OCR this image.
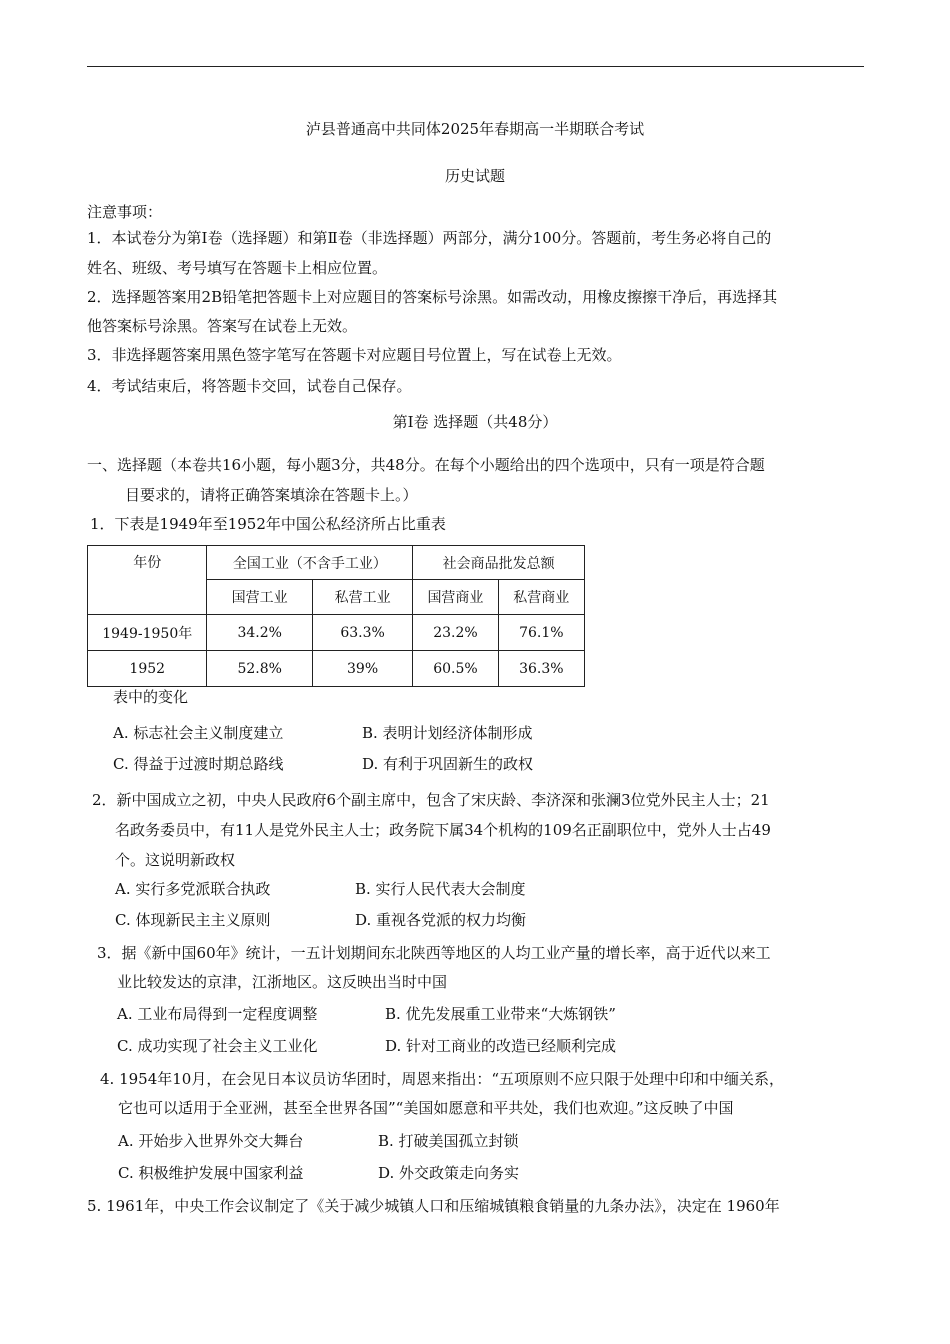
泸县普通高中共同体2025年春期高一半期联合考试
历史试题
注意事项：
1．本试卷分为第Ⅰ卷（选择题）和第Ⅱ卷（非选择题）两部分，满分100分。答题前，考生务必将自己的
姓名、班级、考号填写在答题卡上相应位置。
2．选择题答案用2B铅笔把答题卡上对应题目的答案标号涂黑。如需改动，用橡皮擦擦干净后，再选择其
他答案标号涂黑。答案写在试卷上无效。
3．非选择题答案用黑色签字笔写在答题卡对应题目号位置上，写在试卷上无效。
4．考试结束后，将答题卡交回，试卷自己保存。
第Ⅰ卷 选择题（共48分）
一、选择题（本卷共16小题，每小题3分，共48分。在每个小题给出的四个选项中，只有一项是符合题
目要求的，请将正确答案填涂在答题卡上。）
1．下表是1949年至1952年中国公私经济所占比重表
年份	全国工业（不含手工业）		社会商品批发总额	
	国营工业	私营工业	国营商业	私营商业
1949-1950年	34.2%	63.3%	23.2%	76.1%
1952	52.8%	39%	60.5%	36.3%
表中的变化
A. 标志社会主义制度建立	B. 表明计划经济体制形成
C. 得益于过渡时期总路线	D. 有利于巩固新生的政权
2．新中国成立之初，中央人民政府6个副主席中，包含了宋庆龄、李济深和张澜3位党外民主人士；21
名政务委员中，有11人是党外民主人士；政务院下属34个机构的109名正副职位中，党外人士占49
个。这说明新政权
A. 实行多党派联合执政	B. 实行人民代表大会制度
C. 体现新民主主义原则	D. 重视各党派的权力均衡
3．据《新中国60年》统计，一五计划期间东北陕西等地区的人均工业产量的增长率，高于近代以来工
业比较发达的京津，江浙地区。这反映出当时中国
A. 工业布局得到一定程度调整	B. 优先发展重工业带来“大炼钢铁”
C. 成功实现了社会主义工业化	D. 针对工商业的改造已经顺利完成
4. 1954年10月，在会见日本议员访华团时，周恩来指出：“五项原则不应只限于处理中印和中缅关系，
它也可以适用于全亚洲，甚至全世界各国”“美国如愿意和平共处，我们也欢迎。”这反映了中国
A. 开始步入世界外交大舞台	B. 打破美国孤立封锁
C. 积极维护发展中国家利益	D. 外交政策走向务实
5. 1961年，中央工作会议制定了《关于减少城镇人口和压缩城镇粮食销量的九条办法》，决定在 1960年
